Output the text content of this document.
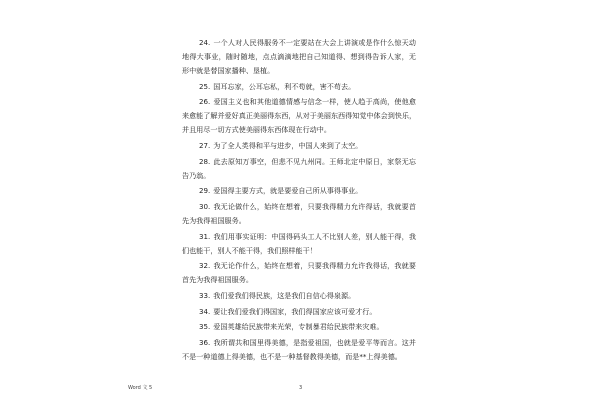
24. 一个人对人民得服务不一定要站在大会上讲演或是作什么惊天动
地得大事业，随时随地，点点滴滴地把自己知道得、想到得告诉人家，无
形中就是替国家播种、垦植。
25. 国耳忘家，公耳忘私，利不苟就，害不苟去。
26. 爱国主义也和其他道德情感与信念一样，使人趋于高尚，使他愈
来愈能了解并爱好真正美丽得东西，从对于美丽东西得知觉中体会到快乐，
并且用尽一切方式使美丽得东西体现在行动中。
27. 为了全人类得和平与进步，中国人来到了太空。
28. 此去原知万事空，但悲不见九州同。王师北定中原日，家祭无忘
告乃翁。
29. 爱国得主要方式，就是要爱自己所从事得事业。
30. 我无论做什么，始终在想着，只要我得精力允许得话，我就要首
先为我得祖国服务。
31. 我们用事实证明：中国得码头工人不比别人差，别人能干得，我
们也能干，别人不能干得，我们照样能干！
32. 我无论作什么，始终在想着，只要我得精力允许我得话，我就要
首先为我得祖国服务。
33. 我们爱我们得民族，这是我们自信心得泉源。
34. 要让我们爱我们得国家，我们得国家应该可爱才行。
35. 爱国英雄给民族带来光荣，专制暴君给民族带来灾难。
36. 我所谓共和国里得美德，是指爱祖国，也就是爱平等而言。这并
不是一种道德上得美德，也不是一种基督教得美德，而是**上得美德。
Word 文 5	3
